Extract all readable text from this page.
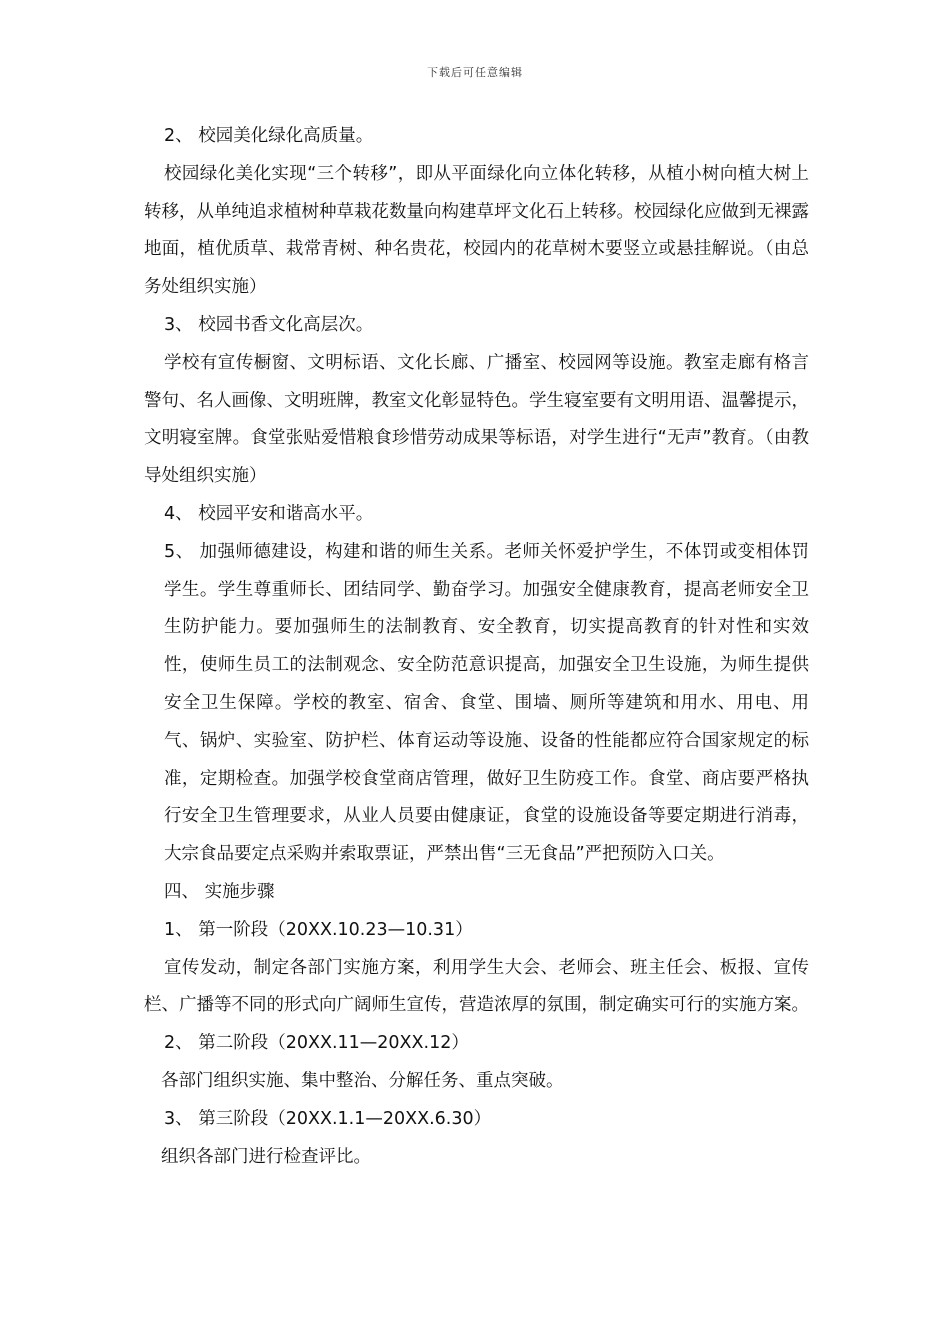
下载后可任意编辑

2、 校园美化绿化高质量。

校园绿化美化实现“三个转移”，即从平面绿化向立体化转移，从植小树向植大树上转移，从单纯追求植树种草栽花数量向构建草坪文化石上转移。校园绿化应做到无裸露地面，植优质草、栽常青树、种名贵花，校园内的花草树木要竖立或悬挂解说。（由总务处组织实施）

3、 校园书香文化高层次。

学校有宣传橱窗、文明标语、文化长廊、广播室、校园网等设施。教室走廊有格言警句、名人画像、文明班牌，教室文化彰显特色。学生寝室要有文明用语、温馨提示，文明寝室牌。食堂张贴爱惜粮食珍惜劳动成果等标语，对学生进行“无声”教育。（由教导处组织实施）

4、 校园平安和谐高水平。

5、 加强师德建设，构建和谐的师生关系。老师关怀爱护学生，不体罚或变相体罚学生。学生尊重师长、团结同学、勤奋学习。加强安全健康教育，提高老师安全卫生防护能力。要加强师生的法制教育、安全教育，切实提高教育的针对性和实效性，使师生员工的法制观念、安全防范意识提高，加强安全卫生设施，为师生提供安全卫生保障。学校的教室、宿舍、食堂、围墙、厕所等建筑和用水、用电、用气、锅炉、实验室、防护栏、体育运动等设施、设备的性能都应符合国家规定的标准，定期检查。加强学校食堂商店管理，做好卫生防疫工作。食堂、商店要严格执行安全卫生管理要求，从业人员要由健康证，食堂的设施设备等要定期进行消毒，大宗食品要定点采购并索取票证，严禁出售“三无食品”严把预防入口关。

四、 实施步骤

1、 第一阶段（20XX.10.23—10.31）

宣传发动，制定各部门实施方案，利用学生大会、老师会、班主任会、板报、宣传栏、广播等不同的形式向广阔师生宣传，营造浓厚的氛围，制定确实可行的实施方案。

2、 第二阶段（20XX.11—20XX.12）

各部门组织实施、集中整治、分解任务、重点突破。

3、 第三阶段（20XX.1.1—20XX.6.30）

组织各部门进行检查评比。
